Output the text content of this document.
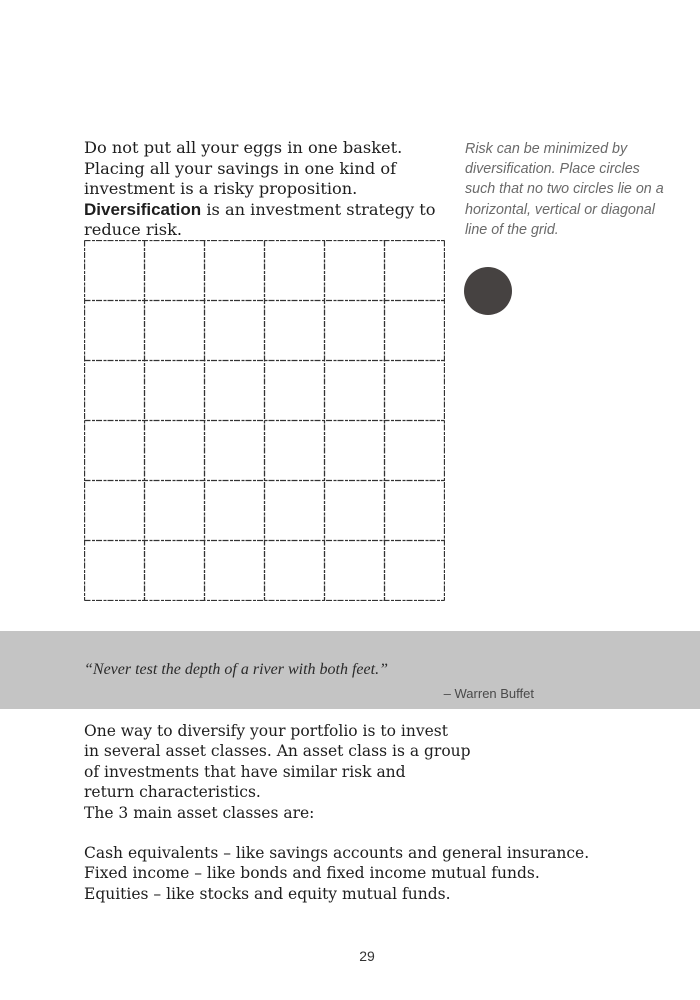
Do not put all your eggs in one basket. Placing all your savings in one kind of investment is a risky proposition. Diversification is an investment strategy to reduce risk.

Risk can be minimized by diversification. Place circles such that no two circles lie on a horizontal, vertical or diagonal line of the grid.

“Never test the depth of a river with both feet.”

– Warren Buffet

One way to diversify your portfolio is to invest
in several asset classes. An asset class is a group
of investments that have similar risk and
return characteristics.
The 3 main asset classes are:
Cash equivalents – like savings accounts and general insurance.
Fixed income – like bonds and fixed income mutual funds.
Equities – like stocks and equity mutual funds.
29
